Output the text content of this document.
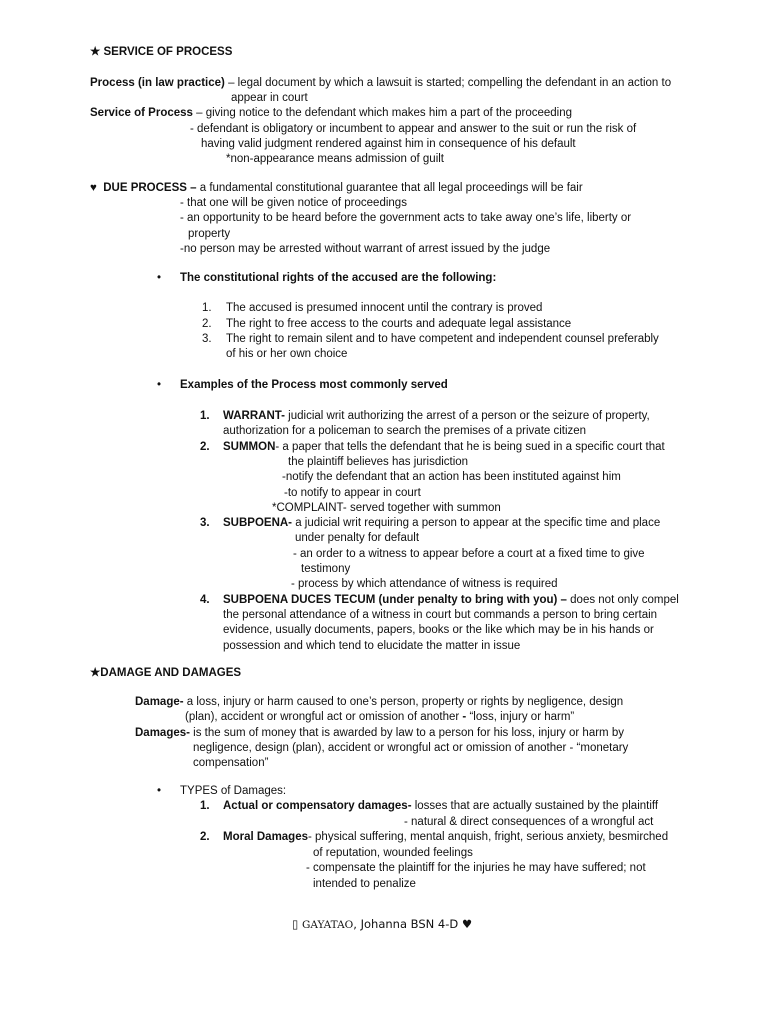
★ SERVICE OF PROCESS
Process (in law practice) – legal document by which a lawsuit is started; compelling the defendant in an action to
appear in court
Service of Process – giving notice to the defendant which makes him a part of the proceeding
- defendant is obligatory or incumbent to appear and answer to the suit or run the risk of
having valid judgment rendered against him in consequence of his default
*non-appearance means admission of guilt
♥ DUE PROCESS – a fundamental constitutional guarantee that all legal proceedings will be fair
- that one will be given notice of proceedings
- an opportunity to be heard before the government acts to take away one’s life, liberty or
property
-no person may be arrested without warrant of arrest issued by the judge
• The constitutional rights of the accused are the following:
1. The accused is presumed innocent until the contrary is proved
2. The right to free access to the courts and adequate legal assistance
3. The right to remain silent and to have competent and independent counsel preferably
of his or her own choice
• Examples of the Process most commonly served
1. WARRANT- judicial writ authorizing the arrest of a person or the seizure of property,
authorization for a policeman to search the premises of a private citizen
2. SUMMON- a paper that tells the defendant that he is being sued in a specific court that
the plaintiff believes has jurisdiction
-notify the defendant that an action has been instituted against him
-to notify to appear in court
*COMPLAINT- served together with summon
3. SUBPOENA- a judicial writ requiring a person to appear at the specific time and place
under penalty for default
- an order to a witness to appear before a court at a fixed time to give
testimony
- process by which attendance of witness is required
4. SUBPOENA DUCES TECUM (under penalty to bring with you) – does not only compel
the personal attendance of a witness in court but commands a person to bring certain
evidence, usually documents, papers, books or the like which may be in his hands or
possession and which tend to elucidate the matter in issue
★DAMAGE AND DAMAGES
Damage- a loss, injury or harm caused to one’s person, property or rights by negligence, design
(plan), accident or wrongful act or omission of another - “loss, injury or harm”
Damages- is the sum of money that is awarded by law to a person for his loss, injury or harm by
negligence, design (plan), accident or wrongful act or omission of another - “monetary
compensation”
• TYPES of Damages:
1. Actual or compensatory damages- losses that are actually sustained by the plaintiff
- natural & direct consequences of a wrongful act
2. Moral Damages- physical suffering, mental anquish, fright, serious anxiety, besmirched
of reputation, wounded feelings
- compensate the plaintiff for the injuries he may have suffered; not
intended to penalize
▯ GAYATAO, Johanna BSN 4-D ♥
